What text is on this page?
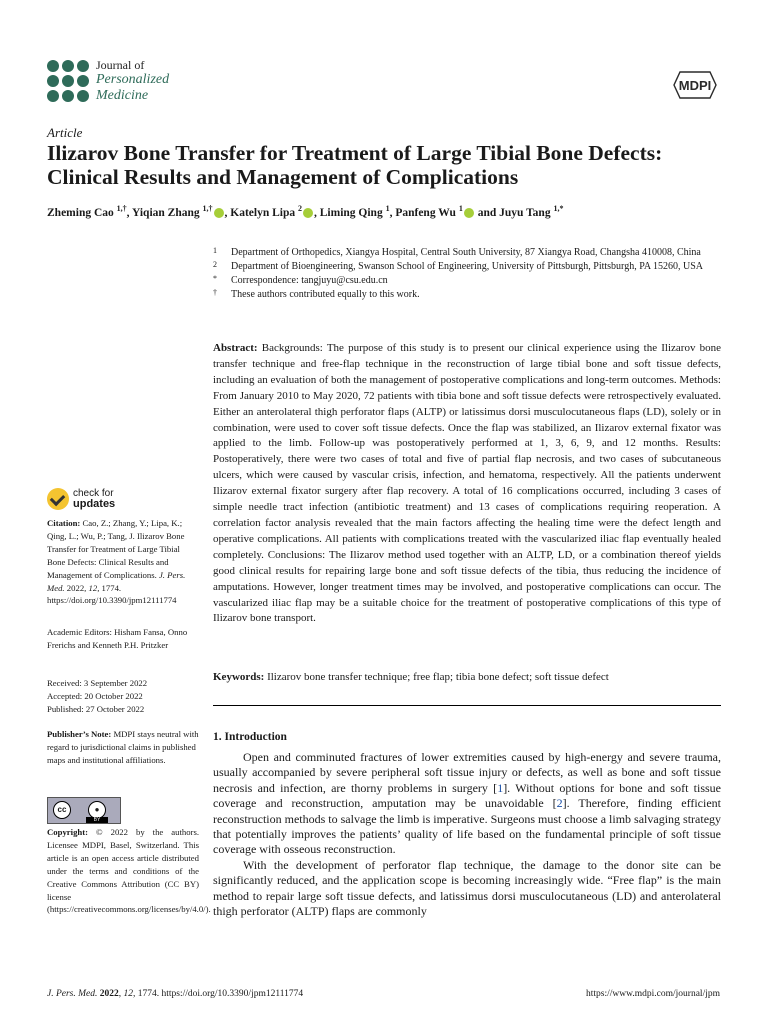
Journal of
Personalized
Medicine
MDPI
Article
Ilizarov Bone Transfer for Treatment of Large Tibial Bone Defects: Clinical Results and Management of Complications
Zheming Cao $^{1,\dagger}$, Yiqian Zhang $^{1,\dagger}$ , Katelyn Lipa $^2$ , Liming Qing $^1$, Panfeng Wu $^1$ and Juyu Tang $^{1,*}$
1 Department of Orthopedics, Xiangya Hospital, Central South University, 87 Xiangya Road, Changsha 410008, China
2 Department of Bioengineering, Swanson School of Engineering, University of Pittsburgh, Pittsburgh, PA 15260, USA
* Correspondence: tangjuyu@csu.edu.cn
† These authors contributed equally to this work.

Abstract: Backgrounds: The purpose of this study is to present our clinical experience using the Ilizarov bone transfer technique and free-flap technique in the reconstruction of large tibial bone and soft tissue defects, including an evaluation of both the management of postoperative complications and long-term outcomes. Methods: From January 2010 to May 2020, 72 patients with tibia bone and soft tissue defects were retrospectively evaluated. Either an anterolateral thigh perforator flaps (ALTP) or latissimus dorsi musculocutaneous flaps (LD), solely or in combination, were used to cover soft tissue defects. Once the flap was stabilized, an Ilizarov external fixator was applied to the limb. Follow-up was postoperatively performed at 1, 3, 6, 9, and 12 months. Results: Postoperatively, there were two cases of total and five of partial flap necrosis, and two cases of subcutaneous ulcers, which were caused by vascular crisis, infection, and hematoma, respectively. All the patients underwent Ilizarov external fixator surgery after flap recovery. A total of 16 complications occurred, including 3 cases of simple needle tract infection (antibiotic treatment) and 13 cases of complications requiring reoperation. A correlation factor analysis revealed that the main factors affecting the healing time were the defect length and operative complications. All patients with complications treated with the vascularized iliac flap eventually healed completely. Conclusions: The Ilizarov method used together with an ALTP, LD, or a combination thereof yields good clinical results for repairing large bone and soft tissue defects of the tibia, thus reducing the incidence of amputations. However, longer treatment times may be involved, and postoperative complications can occur. The vascularized iliac flap may be a suitable choice for the treatment of postoperative complications of this type of Ilizarov bone transport.

Keywords: Ilizarov bone transfer technique; free flap; tibia bone defect; soft tissue defect

check for
updates
Citation: Cao, Z.; Zhang, Y.; Lipa, K.; Qing, L.; Wu, P.; Tang, J. Ilizarov Bone Transfer for Treatment of Large Tibial Bone Defects: Clinical Results and Management of Complications. J. Pers. Med. 2022, 12, 1774. https://doi.org/10.3390/jpm12111774
Academic Editors: Hisham Fansa, Onno Frerichs and Kenneth P.H. Pritzker
Received: 3 September 2022
Accepted: 20 October 2022
Published: 27 October 2022
Publisher’s Note: MDPI stays neutral with regard to jurisdictional claims in published maps and institutional affiliations.
cc	●
BY
Copyright: © 2022 by the authors. Licensee MDPI, Basel, Switzerland. This article is an open access article distributed under the terms and conditions of the Creative Commons Attribution (CC BY) license (https://creativecommons.org/licenses/by/4.0/).
1. Introduction

Open and comminuted fractures of lower extremities caused by high-energy and severe trauma, usually accompanied by severe peripheral soft tissue injury or defects, as well as bone and soft tissue necrosis and infection, are thorny problems in surgery [1]. Without options for bone and soft tissue coverage and reconstruction, amputation may be unavoidable [2]. Therefore, finding efficient reconstruction methods to salvage the limb is imperative. Surgeons must choose a limb salvaging strategy that potentially improves the patients’ quality of life based on the fundamental principle of soft tissue coverage with osseous reconstruction.

With the development of perforator flap technique, the damage to the donor site can be significantly reduced, and the application scope is becoming increasingly wide. “Free flap” is the main method to repair large soft tissue defects, and latissimus dorsi musculocutaneous (LD) and anterolateral thigh perforator (ALTP) flaps are commonly

J. Pers. Med. 2022, 12, 1774. https://doi.org/10.3390/jpm12111774	https://www.mdpi.com/journal/jpm
